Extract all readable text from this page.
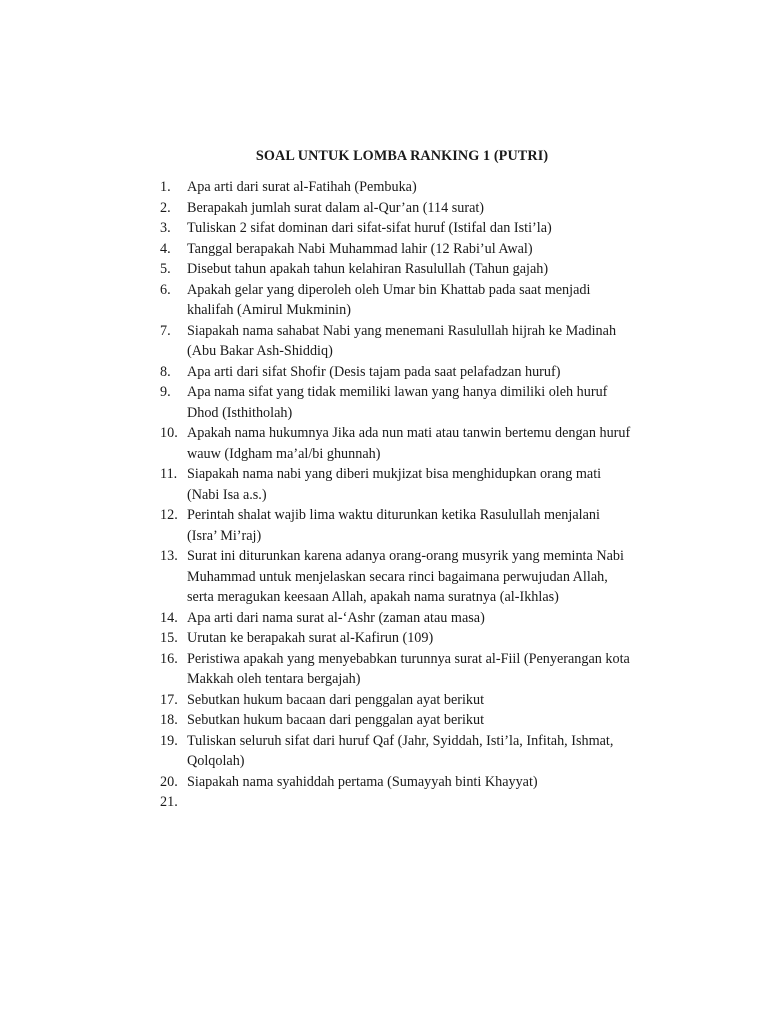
SOAL UNTUK LOMBA RANKING 1 (PUTRI)
1.	Apa arti dari surat al-Fatihah (Pembuka)
2.	Berapakah jumlah surat dalam al-Qur’an (114 surat)
3.	Tuliskan 2 sifat dominan dari sifat-sifat huruf (Istifal dan Isti’la)
4.	Tanggal berapakah Nabi Muhammad lahir (12 Rabi’ul Awal)
5.	Disebut tahun apakah tahun kelahiran Rasulullah (Tahun gajah)
6.	Apakah gelar yang diperoleh oleh Umar bin Khattab pada saat menjadi
khalifah (Amirul Mukminin)
7.	Siapakah nama sahabat Nabi yang menemani Rasulullah hijrah ke Madinah
(Abu Bakar Ash-Shiddiq)
8.	Apa arti dari sifat Shofir (Desis tajam pada saat pelafadzan huruf)
9.	Apa nama sifat yang tidak memiliki lawan yang hanya dimiliki oleh huruf
Dhod (Isthitholah)
10. Apakah nama hukumnya Jika ada nun mati atau tanwin bertemu dengan huruf
wauw (Idgham ma’al/bi ghunnah)
11. Siapakah nama nabi yang diberi mukjizat bisa menghidupkan orang mati
(Nabi Isa a.s.)
12. Perintah shalat wajib lima waktu diturunkan ketika Rasulullah menjalani
(Isra’ Mi’raj)
13. Surat ini diturunkan karena adanya orang-orang musyrik yang meminta Nabi
Muhammad untuk menjelaskan secara rinci bagaimana perwujudan Allah,
serta meragukan keesaan Allah, apakah nama suratnya (al-Ikhlas)
14. Apa arti dari nama surat al-‘Ashr (zaman atau masa)
15. Urutan ke berapakah surat al-Kafirun (109)
16. Peristiwa apakah yang menyebabkan turunnya surat al-Fiil (Penyerangan kota
Makkah oleh tentara bergajah)
17. Sebutkan hukum bacaan dari penggalan ayat berikut
18. Sebutkan hukum bacaan dari penggalan ayat berikut
19. Tuliskan seluruh sifat dari huruf Qaf (Jahr, Syiddah, Isti’la, Infitah, Ishmat,
Qolqolah)
20. Siapakah nama syahiddah pertama (Sumayyah binti Khayyat)
21.
